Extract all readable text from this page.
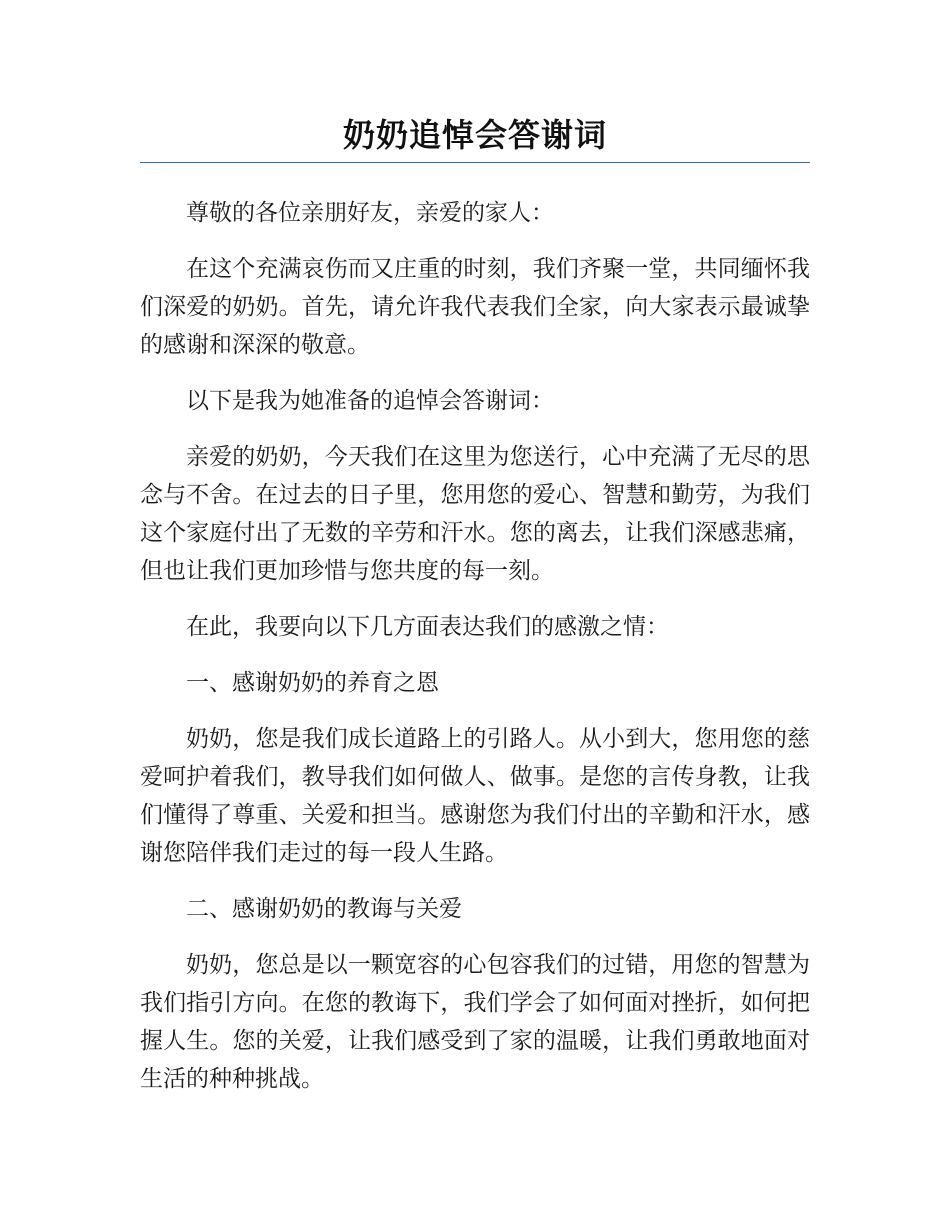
奶奶追悼会答谢词

尊敬的各位亲朋好友，亲爱的家人：

在这个充满哀伤而又庄重的时刻，我们齐聚一堂，共同缅怀我们深爱的奶奶。首先，请允许我代表我们全家，向大家表示最诚挚的感谢和深深的敬意。

以下是我为她准备的追悼会答谢词：

亲爱的奶奶，今天我们在这里为您送行，心中充满了无尽的思念与不舍。在过去的日子里，您用您的爱心、智慧和勤劳，为我们这个家庭付出了无数的辛劳和汗水。您的离去，让我们深感悲痛，但也让我们更加珍惜与您共度的每一刻。

在此，我要向以下几方面表达我们的感激之情：

一、感谢奶奶的养育之恩

奶奶，您是我们成长道路上的引路人。从小到大，您用您的慈爱呵护着我们，教导我们如何做人、做事。是您的言传身教，让我们懂得了尊重、关爱和担当。感谢您为我们付出的辛勤和汗水，感谢您陪伴我们走过的每一段人生路。

二、感谢奶奶的教诲与关爱

奶奶，您总是以一颗宽容的心包容我们的过错，用您的智慧为我们指引方向。在您的教诲下，我们学会了如何面对挫折，如何把握人生。您的关爱，让我们感受到了家的温暖，让我们勇敢地面对生活的种种挑战。
